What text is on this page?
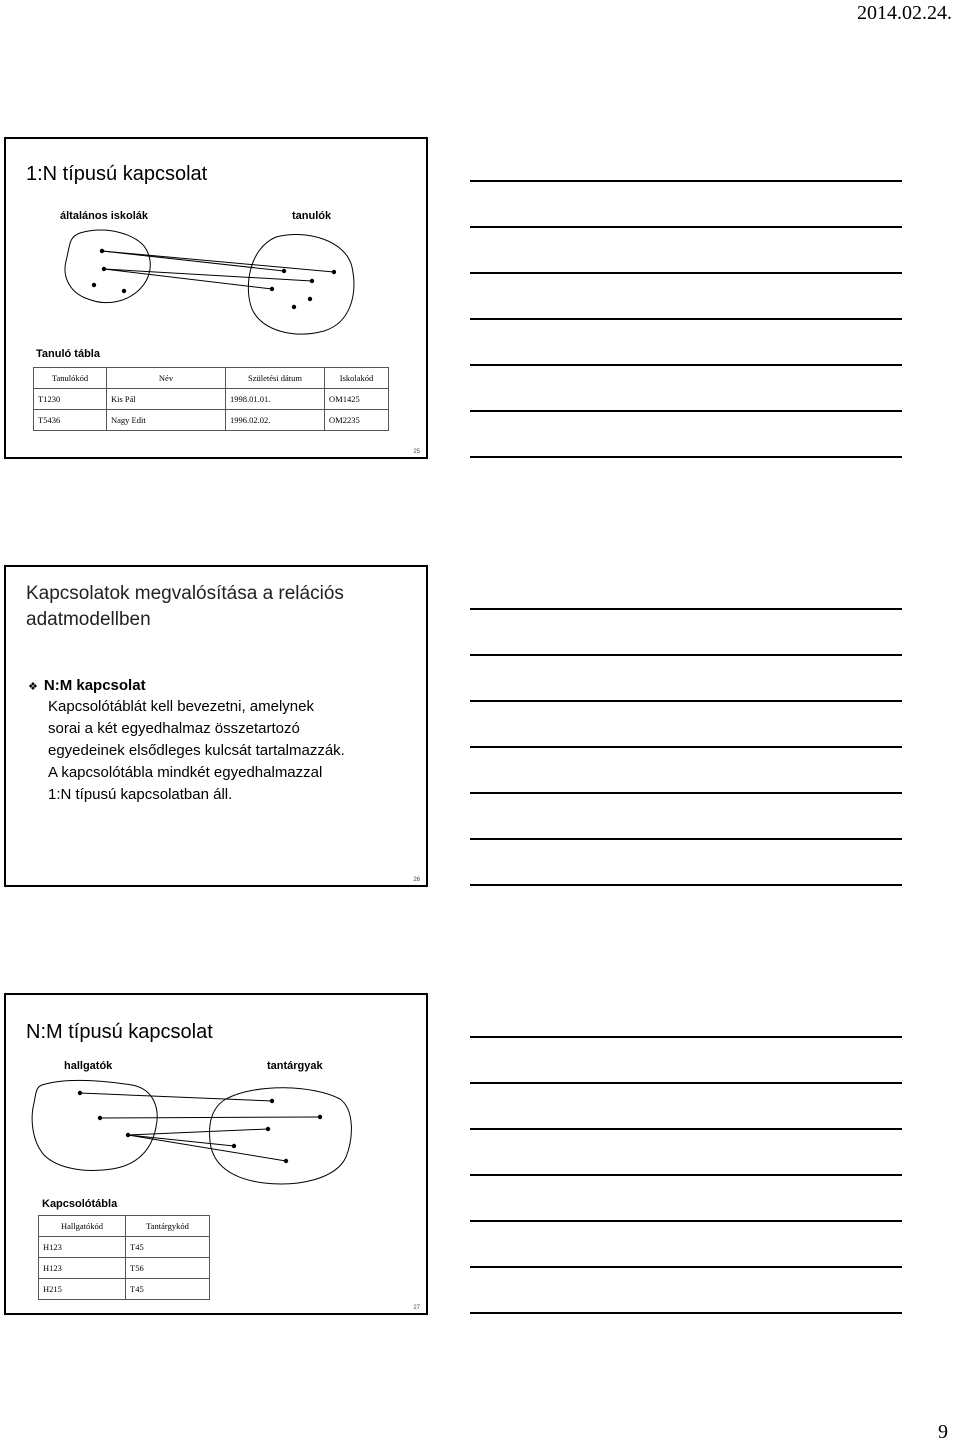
2014.02.24.
1:N típusú kapcsolat
általános iskolák	tanulók
Tanuló tábla
Tanulókód	Név	Születési dátum	Iskolakód
T1230	Kis Pál	1998.01.01.	OM1425
T5436	Nagy Edit	1996.02.02.	OM2235
25
Kapcsolatok megvalósítása a relációs
adatmodellben
❖ N:M kapcsolat
Kapcsolótáblát kell bevezetni, amelynek
sorai a két egyedhalmaz összetartozó
egyedeinek elsődleges kulcsát tartalmazzák.
A kapcsolótábla mindkét egyedhalmazzal
1:N típusú kapcsolatban áll.
26
N:M típusú kapcsolat
hallgatók	tantárgyak
Kapcsolótábla
Hallgatókód	Tantárgykód
H123	T45
H123	T56
H215	T45
27
9
